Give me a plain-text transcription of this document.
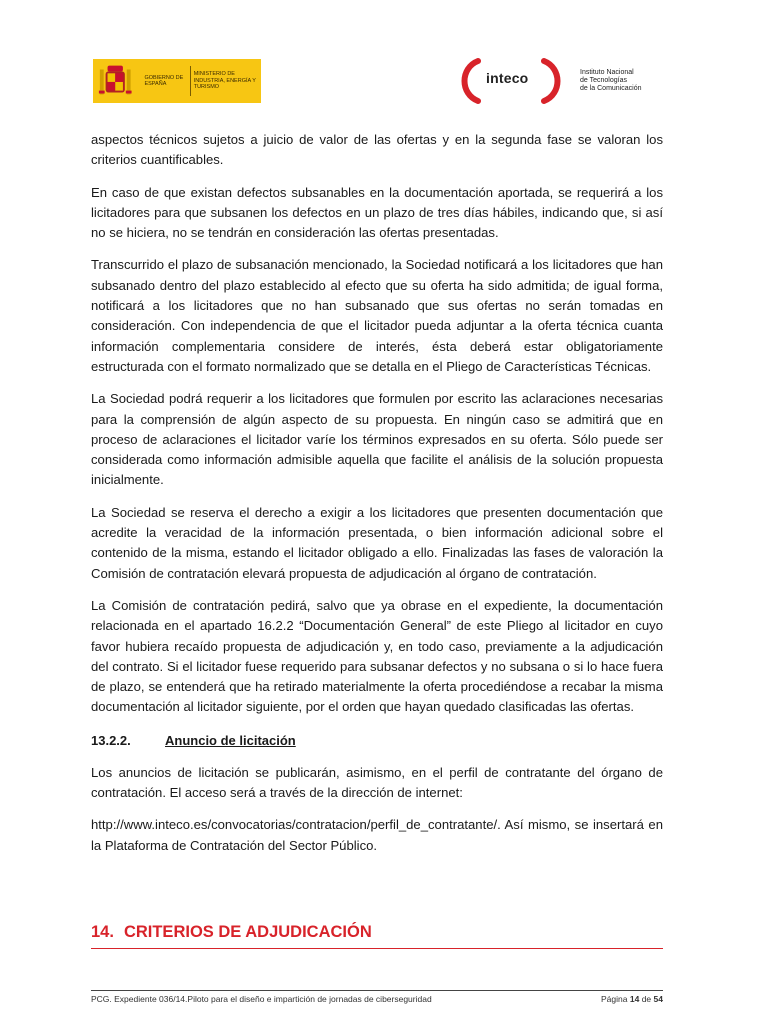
GOBIERNO DE ESPAÑA
MINISTERIO DE INDUSTRIA, ENERGÍA Y TURISMO
inteco	Instituto Nacional
de Tecnologías
de la Comunicación

aspectos técnicos sujetos a juicio de valor de las ofertas y en la segunda fase se valoran los criterios cuantificables.

En caso de que existan defectos subsanables en la documentación aportada, se requerirá a los licitadores para que subsanen los defectos en un plazo de tres días hábiles, indicando que, si así no se hiciera, no se tendrán en consideración las ofertas presentadas.

Transcurrido el plazo de subsanación mencionado, la Sociedad notificará a los licitadores que han subsanado dentro del plazo establecido al efecto que su oferta ha sido admitida; de igual forma, notificará a los licitadores que no han subsanado que sus ofertas no serán tomadas en consideración. Con independencia de que el licitador pueda adjuntar a la oferta técnica cuanta información complementaria considere de interés, ésta deberá estar obligatoriamente estructurada con el formato normalizado que se detalla en el Pliego de Características Técnicas.

La Sociedad podrá requerir a los licitadores que formulen por escrito las aclaraciones necesarias para la comprensión de algún aspecto de su propuesta. En ningún caso se admitirá que en proceso de aclaraciones el licitador varíe los términos expresados en su oferta. Sólo puede ser considerada como información admisible aquella que facilite el análisis de la solución propuesta inicialmente.

La Sociedad se reserva el derecho a exigir a los licitadores que presenten documentación que acredite la veracidad de la información presentada, o bien información adicional sobre el contenido de la misma, estando el licitador obligado a ello. Finalizadas las fases de valoración la Comisión de contratación elevará propuesta de adjudicación al órgano de contratación.

La Comisión de contratación pedirá, salvo que ya obrase en el expediente, la documentación relacionada en el apartado 16.2.2 “Documentación General” de este Pliego al licitador en cuyo favor hubiera recaído propuesta de adjudicación y, en todo caso, previamente a la adjudicación del contrato. Si el licitador fuese requerido para subsanar defectos y no subsana o si lo hace fuera de plazo, se entenderá que ha retirado materialmente la oferta procediéndose a recabar la misma documentación al licitador siguiente, por el orden que hayan quedado clasificadas las ofertas.

13.2.2.	Anuncio de licitación

Los anuncios de licitación se publicarán, asimismo, en el perfil de contratante del órgano de contratación. El acceso será a través de la dirección de internet:

http://www.inteco.es/convocatorias/contratacion/perfil_de_contratante/. Así mismo, se insertará en la Plataforma de Contratación del Sector Público.

14. CRITERIOS DE ADJUDICACIÓN
PCG. Expediente 036/14.Piloto para el diseño e impartición de jornadas de ciberseguridad	Página 14 de 54
